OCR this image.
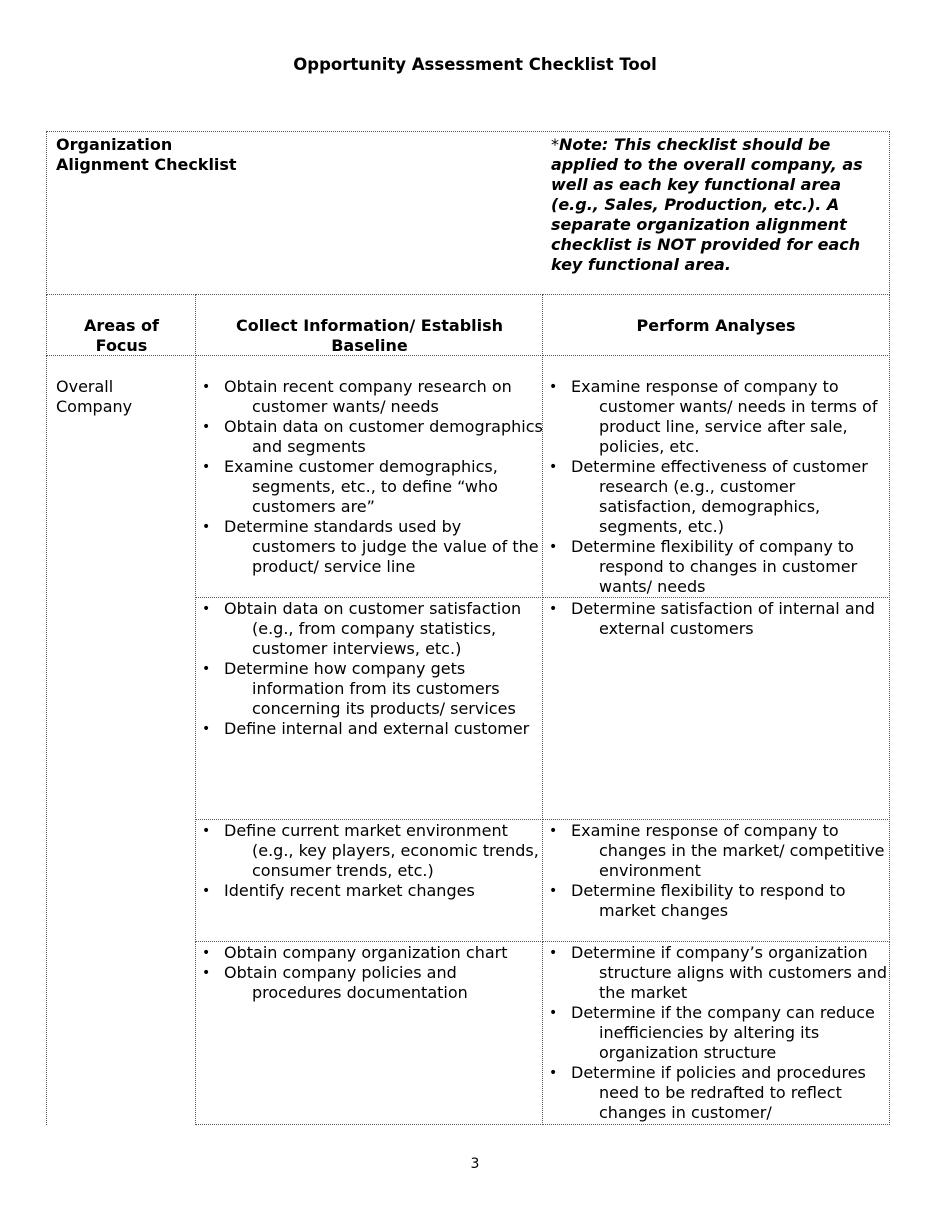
Opportunity Assessment Checklist Tool
Organization
Alignment Checklist
*Note: This checklist should be applied to the overall company, as well as each key functional area (e.g., Sales, Production, etc.). A separate organization alignment checklist is NOT provided for each key functional area.
Areas of Focus
Collect Information/ Establish Baseline
Perform Analyses
Overall Company
• Obtain recent company research on customer wants/ needs
• Obtain data on customer demographics and segments
• Examine customer demographics, segments, etc., to define “who customers are”
• Determine standards used by customers to judge the value of the product/ service line
• Examine response of company to customer wants/ needs in terms of product line, service after sale, policies, etc.
• Determine effectiveness of customer research (e.g., customer satisfaction, demographics, segments, etc.)
• Determine flexibility of company to respond to changes in customer wants/ needs
• Obtain data on customer satisfaction (e.g., from company statistics, customer interviews, etc.)
• Determine how company gets information from its customers concerning its products/ services
• Define internal and external customer
• Determine satisfaction of internal and external customers
• Define current market environment (e.g., key players, economic trends, consumer trends, etc.)
• Identify recent market changes
• Examine response of company to changes in the market/ competitive environment
• Determine flexibility to respond to market changes
• Obtain company organization chart
• Obtain company policies and procedures documentation
• Determine if company’s organization structure aligns with customers and the market
• Determine if the company can reduce inefficiencies by altering its organization structure
• Determine if policies and procedures need to be redrafted to reflect changes in customer/
3
